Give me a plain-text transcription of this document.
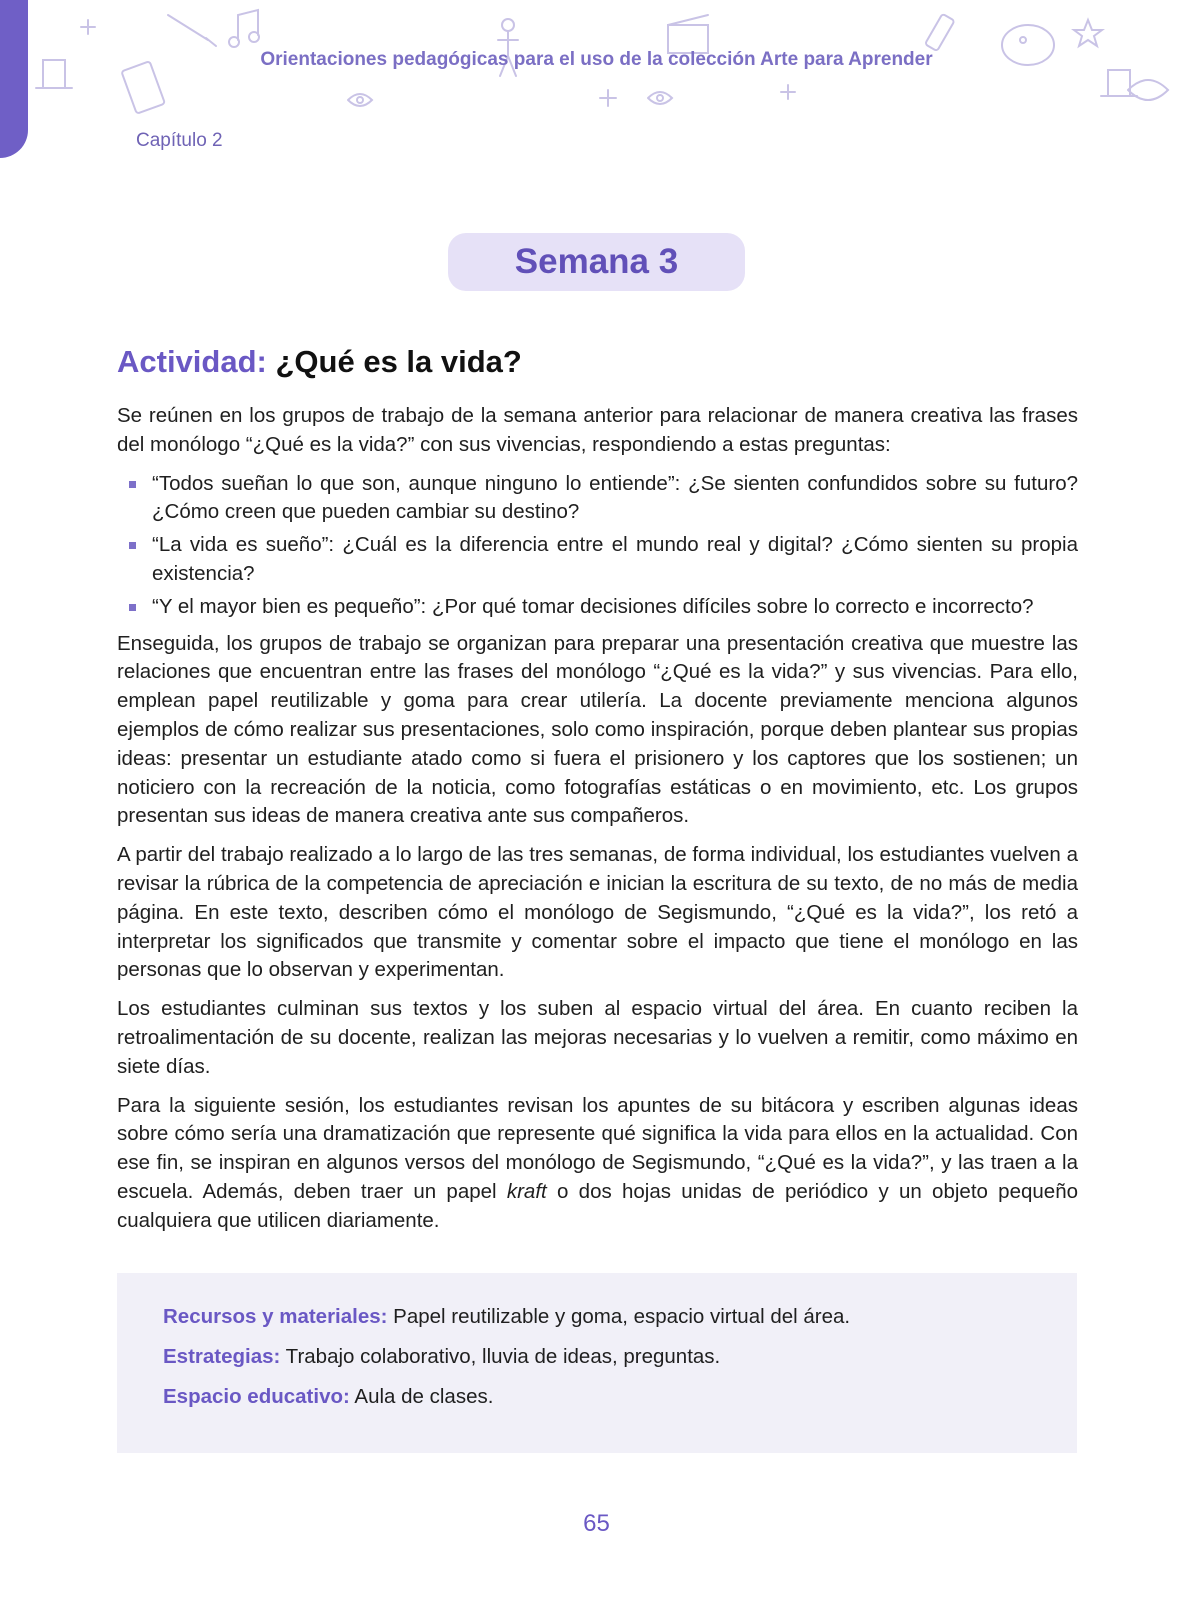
Orientaciones pedagógicas para el uso de la colección Arte para Aprender
Capítulo 2
Semana 3
Actividad: ¿Qué es la vida?

Se reúnen en los grupos de trabajo de la semana anterior para relacionar de manera creativa las frases del monólogo “¿Qué es la vida?” con sus vivencias, respondiendo a estas preguntas:

“Todos sueñan lo que son, aunque ninguno lo entiende”: ¿Se sienten confundidos sobre su futuro? ¿Cómo creen que pueden cambiar su destino?
“La vida es sueño”: ¿Cuál es la diferencia entre el mundo real y digital? ¿Cómo sienten su propia existencia?
“Y el mayor bien es pequeño”: ¿Por qué tomar decisiones difíciles sobre lo correcto e incorrecto?

Enseguida, los grupos de trabajo se organizan para preparar una presentación creativa que muestre las relaciones que encuentran entre las frases del monólogo “¿Qué es la vida?” y sus vivencias. Para ello, emplean papel reutilizable y goma para crear utilería. La docente previamente menciona algunos ejemplos de cómo realizar sus presentaciones, solo como inspiración, porque deben plantear sus propias ideas: presentar un estudiante atado como si fuera el prisionero y los captores que los sostienen; un noticiero con la recreación de la noticia, como fotografías estáticas o en movimiento, etc. Los grupos presentan sus ideas de manera creativa ante sus compañeros.

A partir del trabajo realizado a lo largo de las tres semanas, de forma individual, los estudiantes vuelven a revisar la rúbrica de la competencia de apreciación e inician la escritura de su texto, de no más de media página. En este texto, describen cómo el monólogo de Segismundo, “¿Qué es la vida?”, los retó a interpretar los significados que transmite y comentar sobre el impacto que tiene el monólogo en las personas que lo observan y experimentan.

Los estudiantes culminan sus textos y los suben al espacio virtual del área. En cuanto reciben la retroalimentación de su docente, realizan las mejoras necesarias y lo vuelven a remitir, como máximo en siete días.

Para la siguiente sesión, los estudiantes revisan los apuntes de su bitácora y escriben algunas ideas sobre cómo sería una dramatización que represente qué significa la vida para ellos en la actualidad. Con ese fin, se inspiran en algunos versos del monólogo de Segismundo, “¿Qué es la vida?”, y las traen a la escuela. Además, deben traer un papel kraft o dos hojas unidas de periódico y un objeto pequeño cualquiera que utilicen diariamente.

Recursos y materiales: Papel reutilizable y goma, espacio virtual del área.
Estrategias: Trabajo colaborativo, lluvia de ideas, preguntas.
Espacio educativo: Aula de clases.
65
